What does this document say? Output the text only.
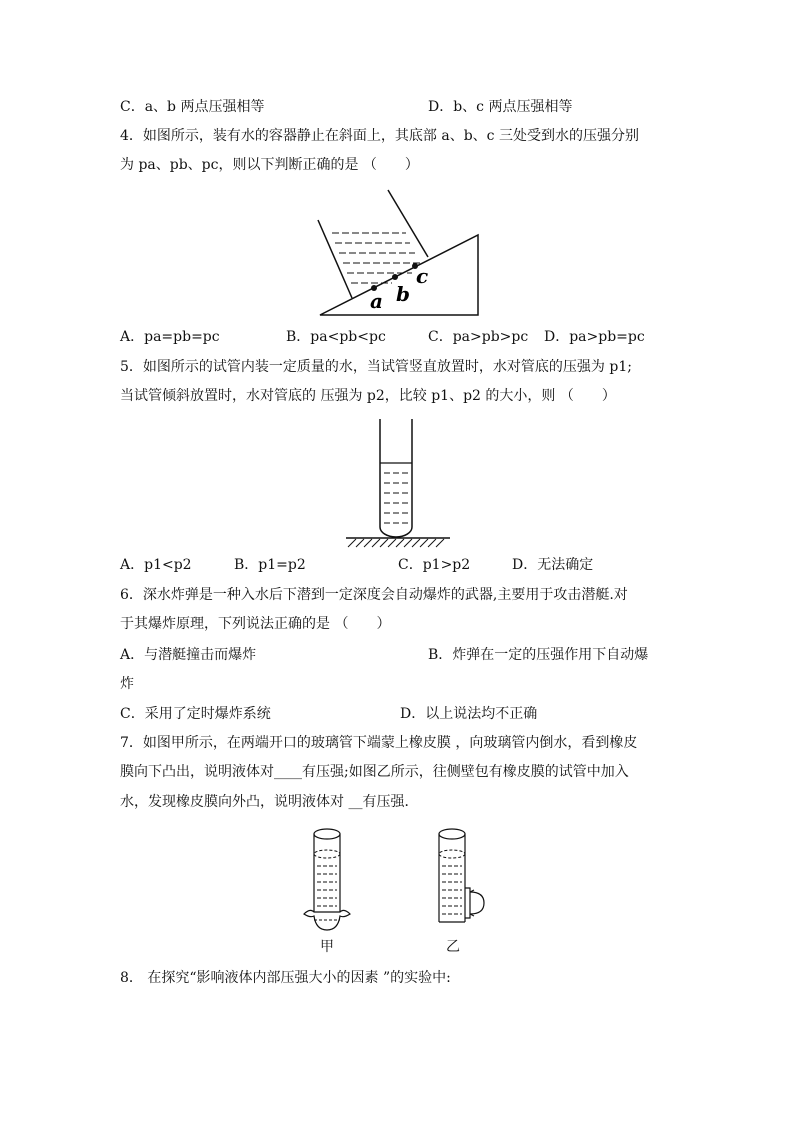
C．a、b 两点压强相等	D．b、c 两点压强相等
4．如图所示，装有水的容器静止在斜面上，其底部 a、b、c 三处受到水的压强分别
为 pa、pb、pc，则以下判断正确的是 （　　）
a b
c
A．pa=pb=pc	B．pa<pb<pc	C．pa>pb>pc D．pa>pb=pc
5．如图所示的试管内装一定质量的水，当试管竖直放置时，水对管底的压强为 p1;
当试管倾斜放置时，水对管底的 压强为 p2，比较 p1、p2 的大小，则 （　　）
A．p1<p2	B．p1=p2	C．p1>p2	D．无法确定
6．深水炸弹是一种入水后下潜到一定深度会自动爆炸的武器,主要用于攻击潜艇.对
于其爆炸原理，下列说法正确的是 （　　）
A．与潜艇撞击而爆炸	B．炸弹在一定的压强作用下自动爆
炸
C．采用了定时爆炸系统	D．以上说法均不正确
7．如图甲所示，在两端开口的玻璃管下端蒙上橡皮膜 ，向玻璃管内倒水，看到橡皮
膜向下凸出，说明液体对____有压强;如图乙所示，往侧壁包有橡皮膜的试管中加入
水，发现橡皮膜向外凸，说明液体对 __有压强．
甲	乙
8． 在探究“影响液体内部压强大小的因素 ”的实验中:
